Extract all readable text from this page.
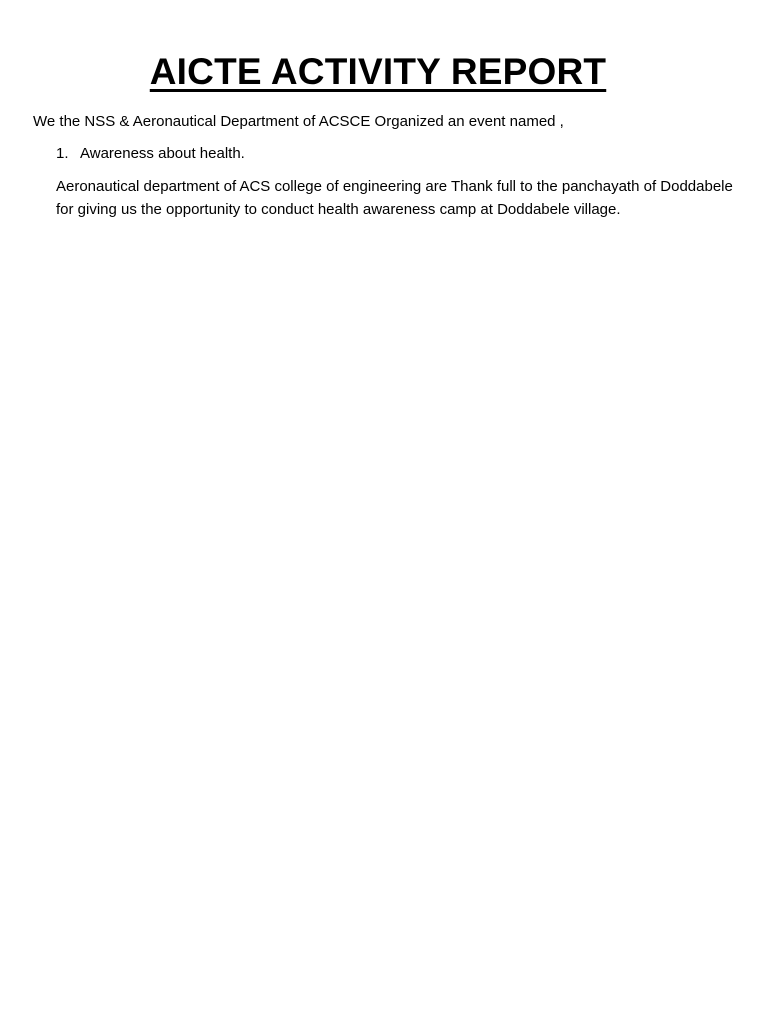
AICTE ACTIVITY REPORT

We the NSS & Aeronautical Department of ACSCE Organized an event named ,

1. Awareness about health.

Aeronautical department of ACS college of engineering are Thank full to the panchayath of Doddabele for giving us the opportunity to conduct health awareness camp at Doddabele village.
